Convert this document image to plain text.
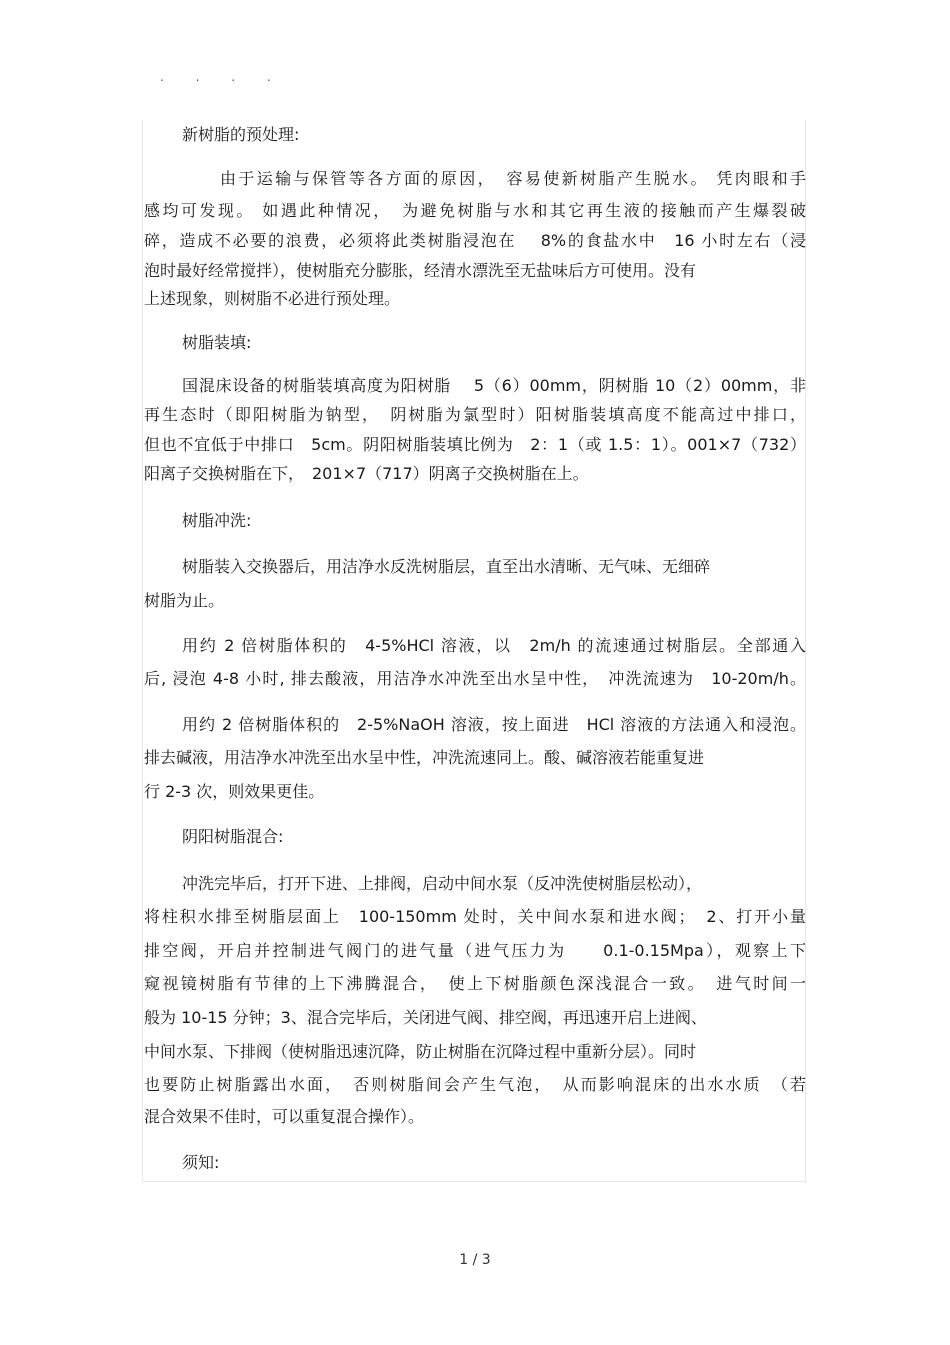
. . . .
新树脂的预处理:
由于运输与保管等各方面的原因，　容易使新树脂产生脱水。 凭肉眼和手
感均可发现。 如遇此种情况，　为避免树脂与水和其它再生液的接触而产生爆裂破
碎，造成不必要的浪费，必须将此类树脂浸泡在　 8%的食盐水中　16 小时左右（浸
泡时最好经常搅拌），使树脂充分膨胀，经清水漂洗至无盐味后方可使用。没有
上述现象，则树脂不必进行预处理。
树脂装填:
国混床设备的树脂装填高度为阳树脂　 5（6）00mm，阴树脂 10（2）00mm，非
再生态时（即阳树脂为钠型，　阴树脂为氯型时）阳树脂装填高度不能高过中排口，
但也不宜低于中排口　5cm。阴阳树脂装填比例为　2：1（或 1.5：1）。001×7（732）
阳离子交换树脂在下，　201×7（717）阴离子交换树脂在上。
树脂冲洗:
树脂装入交换器后，用洁净水反洗树脂层，直至出水清晰、无气味、无细碎
树脂为止。
用约 2 倍树脂体积的　4-5%HCl 溶液，以　2m/h 的流速通过树脂层。全部通入
后, 浸泡 4-8 小时, 排去酸液，用洁净水冲洗至出水呈中性，　冲洗流速为　10-20m/h。
用约 2 倍树脂体积的　2-5%NaOH 溶液，按上面进　HCl 溶液的方法通入和浸泡。
排去碱液，用洁净水冲洗至出水呈中性，冲洗流速同上。酸、碱溶液若能重复进
行 2-3 次，则效果更佳。
阴阳树脂混合:
冲洗完毕后，打开下进、上排阀，启动中间水泵（反冲洗使树脂层松动），
将柱积水排至树脂层面上　100-150mm 处时，关中间水泵和进水阀；　2、打开小量
排空阀，开启并控制进气阀门的进气量（进气压力为　　0.1-0.15Mpa），观察上下
窥视镜树脂有节律的上下沸腾混合，　使上下树脂颜色深浅混合一致。　进气时间一
般为 10-15 分钟；3、混合完毕后，关闭进气阀、排空阀，再迅速开启上进阀、
中间水泵、下排阀（使树脂迅速沉降，防止树脂在沉降过程中重新分层）。同时
也要防止树脂露出水面，　否则树脂间会产生气泡，　从而影响混床的出水水质　（若
混合效果不佳时，可以重复混合操作）。
须知:
1 / 3
